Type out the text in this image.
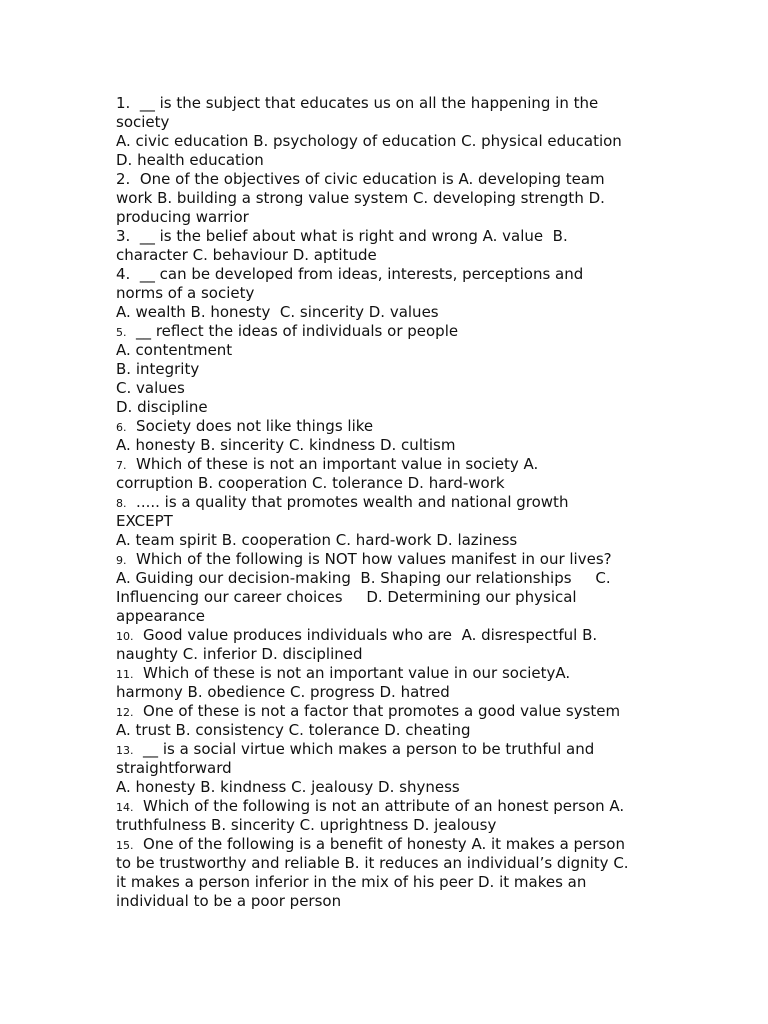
1.  __ is the subject that educates us on all the happening in the
society
A. civic education B. psychology of education C. physical education
D. health education
2.  One of the objectives of civic education is A. developing team
work B. building a strong value system C. developing strength D.
producing warrior
3.  __ is the belief about what is right and wrong A. value  B.
character C. behaviour D. aptitude
4.  __ can be developed from ideas, interests, perceptions and
norms of a society
A. wealth B. honesty  C. sincerity D. values
5.  __ reflect the ideas of individuals or people
A. contentment
B. integrity
C. values
D. discipline
6.  Society does not like things like
A. honesty B. sincerity C. kindness D. cultism
7.  Which of these is not an important value in society A.
corruption B. cooperation C. tolerance D. hard-work
8.  ..... is a quality that promotes wealth and national growth
EXCEPT
A. team spirit B. cooperation C. hard-work D. laziness
9.  Which of the following is NOT how values manifest in our lives?
A. Guiding our decision-making  B. Shaping our relationships     C.
Influencing our career choices     D. Determining our physical
appearance
10.  Good value produces individuals who are  A. disrespectful B.
naughty C. inferior D. disciplined
11.  Which of these is not an important value in our societyA.
harmony B. obedience C. progress D. hatred
12.  One of these is not a factor that promotes a good value system
A. trust B. consistency C. tolerance D. cheating
13.  __ is a social virtue which makes a person to be truthful and
straightforward
A. honesty B. kindness C. jealousy D. shyness
14.  Which of the following is not an attribute of an honest person A.
truthfulness B. sincerity C. uprightness D. jealousy
15.  One of the following is a benefit of honesty A. it makes a person
to be trustworthy and reliable B. it reduces an individual’s dignity C.
it makes a person inferior in the mix of his peer D. it makes an
individual to be a poor person
